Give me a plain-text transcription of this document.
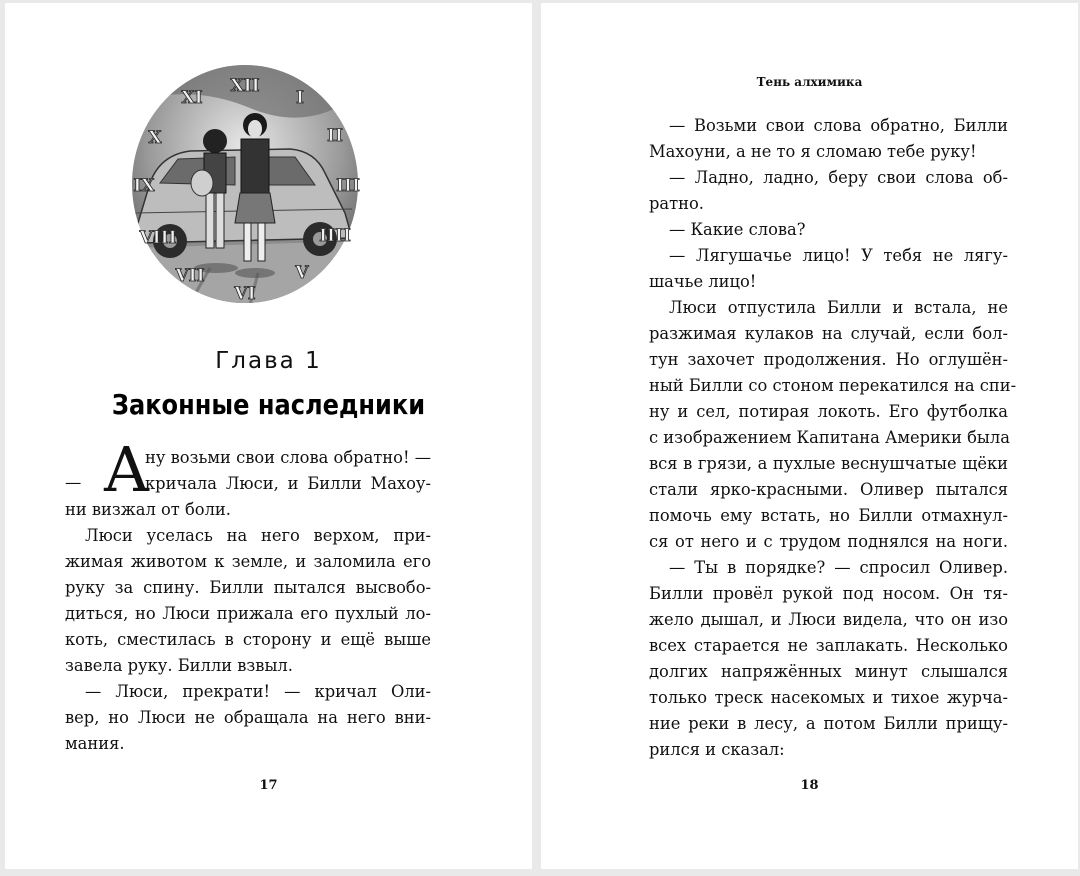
XII
I
II
III
IIII
V
VI
VII
VIII
IX
X
XI
Глава 1
Законные наследники
— А
ну возьми свои слова обратно! —
кричала Люси, и Билли Махоу-
ни визжал от боли.
Люси уселась на него верхом, при-
жимая животом к земле, и заломила его
руку за спину. Билли пытался высвобо-
диться, но Люси прижала его пухлый ло-
коть, сместилась в сторону и ещё выше
завела руку. Билли взвыл.
— Люси, прекрати! — кричал Оли-
вер, но Люси не обращала на него вни-
мания.
17
Тень алхимика
— Возьми свои слова обратно, Билли
Махоуни, а не то я сломаю тебе руку!
— Ладно, ладно, беру свои слова об-
ратно.
— Какие слова?
— Лягушачье лицо! У тебя не лягу-
шачье лицо!
Люси отпустила Билли и встала, не
разжимая кулаков на случай, если бол-
тун захочет продолжения. Но оглушён-
ный Билли со стоном перекатился на спи-
ну и сел, потирая локоть. Его футболка
с изображением Капитана Америки была
вся в грязи, а пухлые веснушчатые щёки
стали ярко-красными. Оливер пытался
помочь ему встать, но Билли отмахнул-
ся от него и с трудом поднялся на ноги.
— Ты в порядке? — спросил Оливер.
Билли провёл рукой под носом. Он тя-
жело дышал, и Люси видела, что он изо
всех старается не заплакать. Несколько
долгих напряжённых минут слышался
только треск насекомых и тихое журча-
ние реки в лесу, а потом Билли прищу-
рился и сказал:
18
